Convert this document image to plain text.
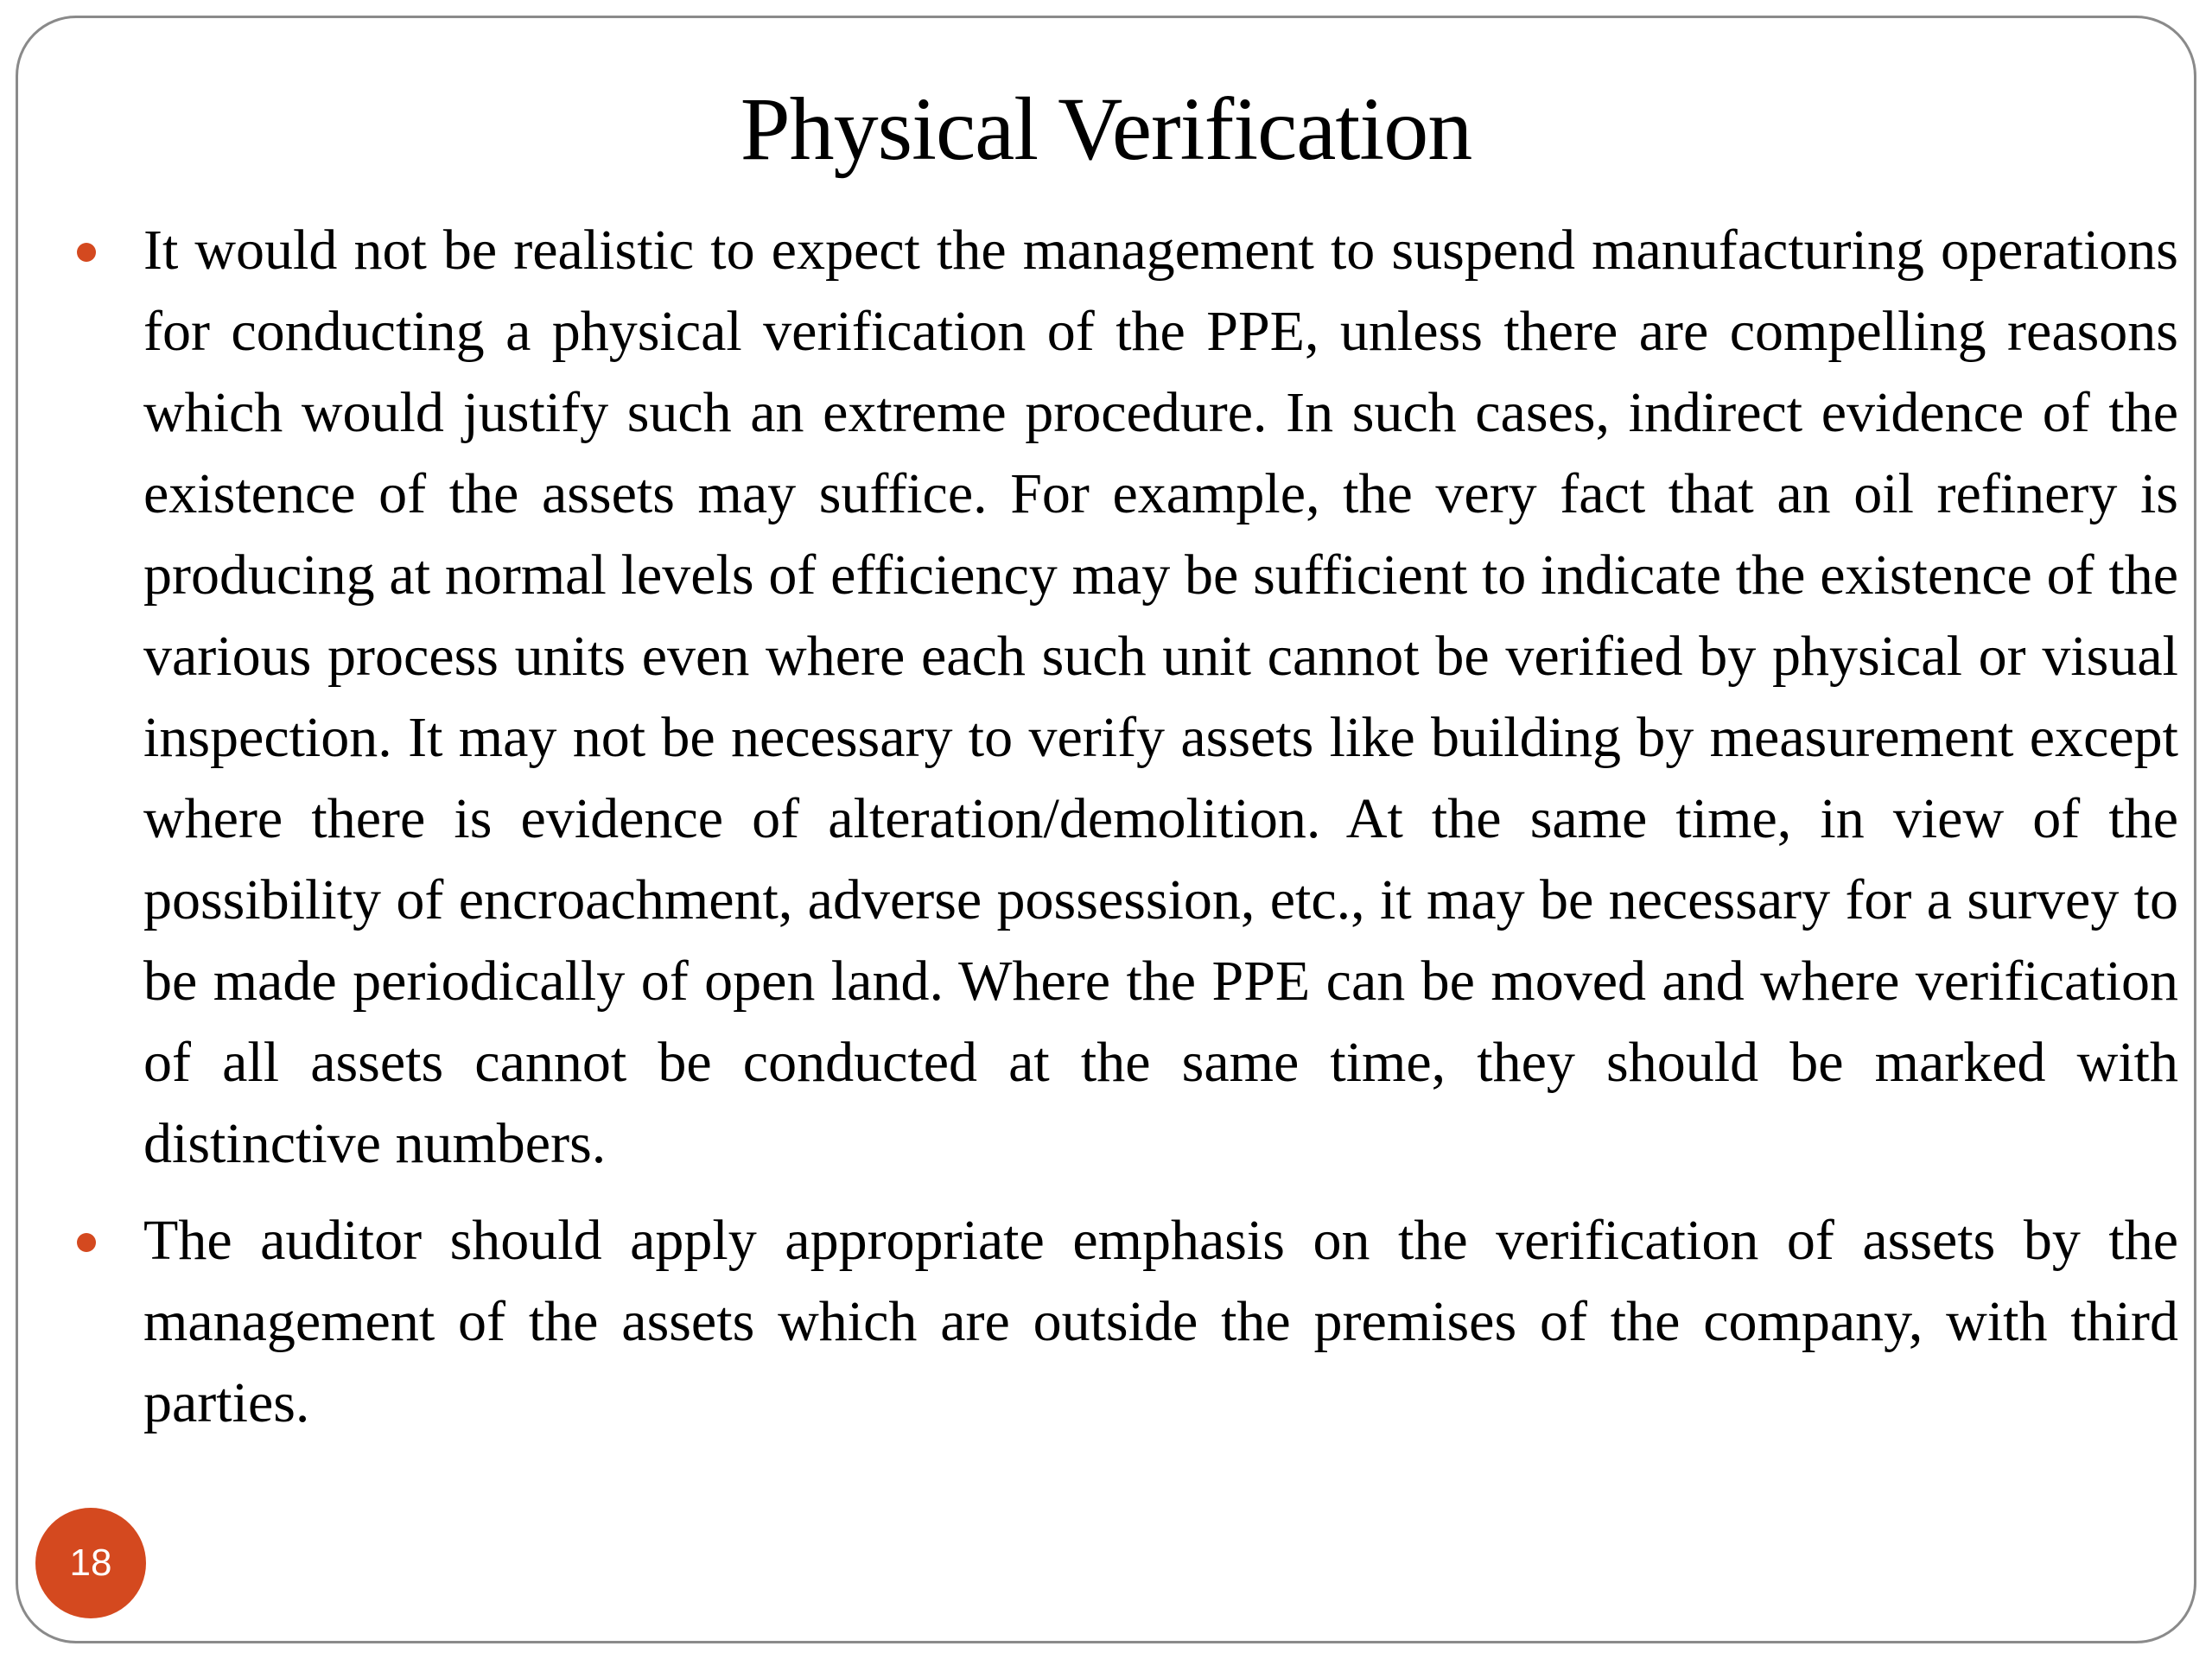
Physical Verification
It would not be realistic to expect the management to suspend manufacturing operations for conducting a physical verification of the PPE, unless there are compelling reasons which would justify such an extreme procedure. In such cases, indirect evidence of the existence of the assets may suffice. For example, the very fact that an oil refinery is producing at normal levels of efficiency may be sufficient to indicate the existence of the various process units even where each such unit cannot be verified by physical or visual inspection. It may not be necessary to verify assets like building by measurement except where there is evidence of alteration/demolition. At the same time, in view of the possibility of encroachment, adverse possession, etc., it may be necessary for a survey to be made periodically of open land. Where the PPE can be moved and where verification of all assets cannot be conducted at the same time, they should be marked with distinctive numbers.
The auditor should apply appropriate emphasis on the verification of assets by the management of the assets which are outside the premises of the company, with third parties.
18
